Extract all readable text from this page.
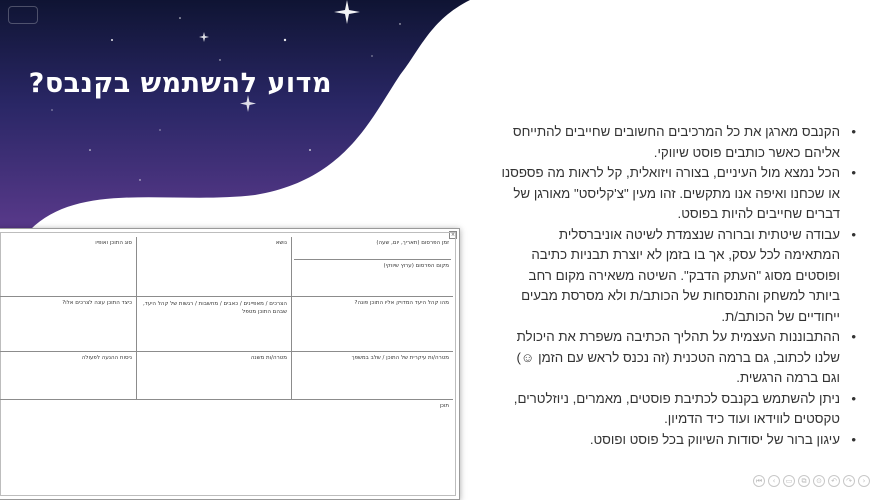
מדוע להשתמש בקנבס?
• הקנבס מארגן את כל המרכיבים החשובים שחייבים להתייחס אליהם כאשר כותבים פוסט שיווקי.
• הכל נמצא מול העיניים, בצורה ויזואלית, קל לראות מה פספסנו או שכחנו ואיפה אנו מתקשים. זהו מעין "צ'קליסט" מאורגן של דברים שחייבים להיות בפוסט.
• עבודה שיטתית וברורה שנצמדת לשיטה אוניברסלית המתאימה לכל עסק, אך בו בזמן לא יוצרת תבניות כתיבה ופוסטים מסוג "העתק הדבק". השיטה משאירה מקום רחב ביותר למשחק והתנסחות של הכותב/ת ולא מסרסת מבעים ייחודיים של הכותב/ת.
• ההתבוננות העצמית על תהליך הכתיבה משפרת את היכולת שלנו לכתוב, גם ברמה הטכנית (זה נכנס לראש עם הזמן ☺) וגם ברמה הרגשית.
• ניתן להשתמש בקנבס לכתיבת פוסטים, מאמרים, ניוזלטרים, טקסטים לווידאו ועוד כיד הדמיון.
• עיגון ברור של יסודות השיווק בכל פוסט ופוסט.
×
זמן הפרסום (תאריך, יום, שעה)
מקום הפרסום (ערוץ שיווקי)
נושא
סוג התוכן ואופיו
מהו קהל היעד המדויק אליו התוכן פונה?
הצרכים / מאפיינים / כאבים / מחשבות / רגשות של קהל היעד, שבהם התוכן מטפל
כיצד התוכן עונה לצרכים אלו?
מטרה/ות עיקרית של התוכן / שלב במשפך
מטרה/ות משנה
ניסוח ההנעה לפעולה
תוכן
⏮	‹	▭	⧉	⊙	↶	↷	›
